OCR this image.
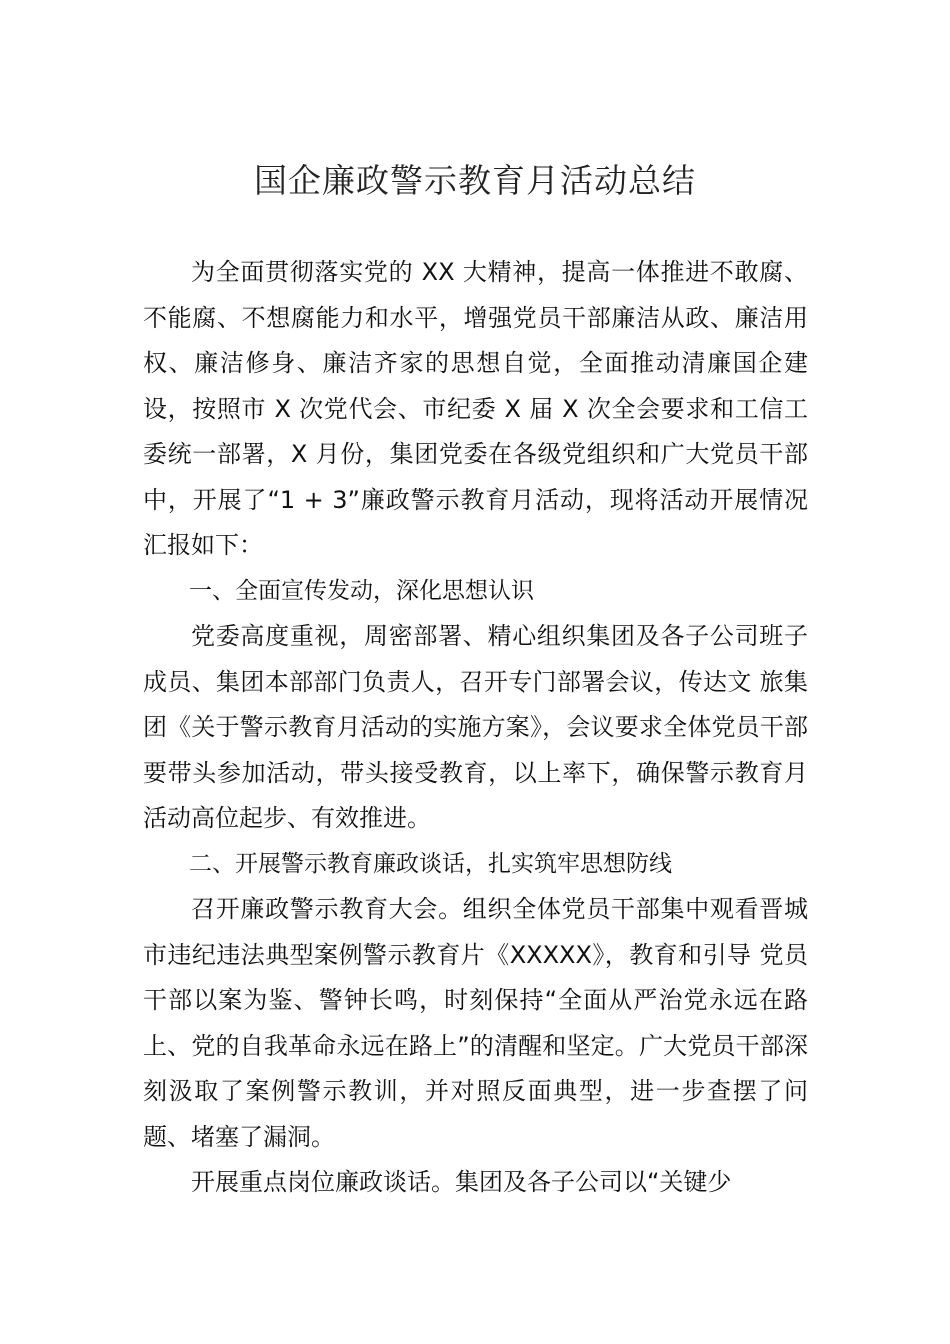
国企廉政警示教育月活动总结

为全面贯彻落实党的 XX 大精神，提高一体推进不敢腐、不能腐、不想腐能力和水平，增强党员干部廉洁从政、廉洁用权、廉洁修身、廉洁齐家的思想自觉，全面推动清廉国企建设，按照市 X 次党代会、市纪委 X 届 X 次全会要求和工信工委统一部署，X 月份，集团党委在各级党组织和广大党员干部中，开展了“1 + 3”廉政警示教育月活动，现将活动开展情况汇报如下：

一、全面宣传发动，深化思想认识

党委高度重视，周密部署、精心组织集团及各子公司班子成员、集团本部部门负责人，召开专门部署会议，传达文 旅集团《关于警示教育月活动的实施方案》，会议要求全体党员干部要带头参加活动，带头接受教育，以上率下，确保警示教育月活动高位起步、有效推进。

二、开展警示教育廉政谈话，扎实筑牢思想防线

召开廉政警示教育大会。组织全体党员干部集中观看晋城市违纪违法典型案例警示教育片《XXXXX》，教育和引导 党员干部以案为鉴、警钟长鸣，时刻保持“全面从严治党永远在路上、党的自我革命永远在路上”的清醒和坚定。广大党员干部深刻汲取了案例警示教训，并对照反面典型，进一步查摆了问题、堵塞了漏洞。

开展重点岗位廉政谈话。集团及各子公司以“关键少
